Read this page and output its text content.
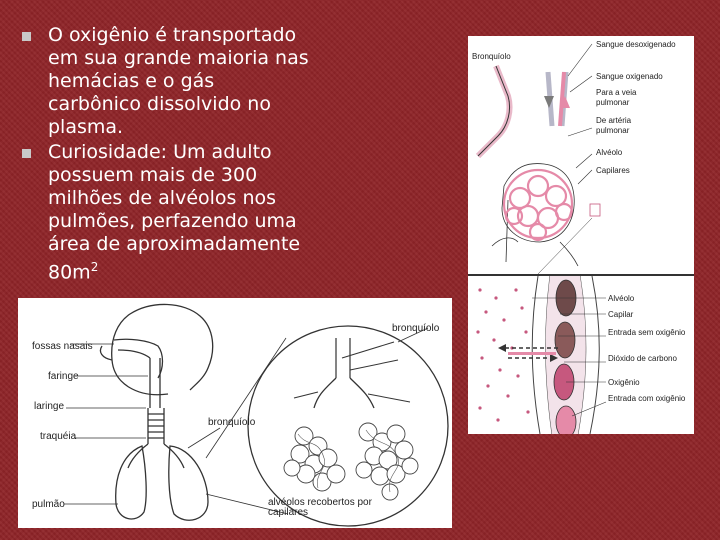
O oxigênio é transportado em sua grande maioria nas hemácias e o gás carbônico dissolvido no plasma.
Curiosidade: Um adulto possuem mais de 300 milhões de alvéolos nos pulmões, perfazendo uma área de aproximadamente $80m^2$
fossas nasais
faringe
laringe
traquéia
pulmão
bronquíolo
bronquíolo
alvéolos recobertos por capilares
Bronquíolo
Sangue desoxigenado
Sangue oxigenado
Para a veia pulmonar
De artéria pulmonar
Alvéolo
Capilares
Alvéolo
Capilar
Entrada sem oxigênio
Dióxido de carbono
Oxigênio
Entrada com oxigênio
